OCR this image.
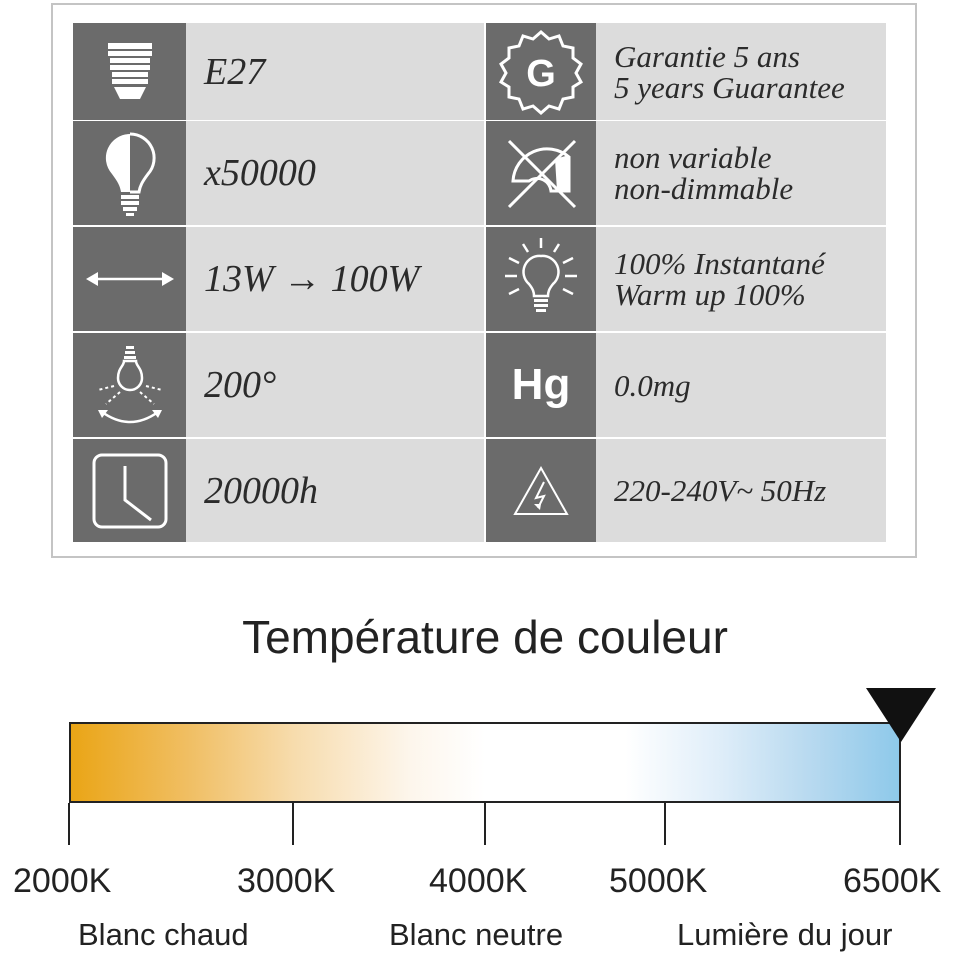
E27	G Garantie 5 ans
5 years Guarantee
x50000	non variable
non-dimmable
13W → 100W	100% Instantané
Warm up 100%
200°	Hg 0.0mg
20000h	220-240V~ 50Hz
Température de couleur
2000K	3000K	4000K 5000K	6500K
Blanc chaud	Blanc neutre	Lumière du jour
